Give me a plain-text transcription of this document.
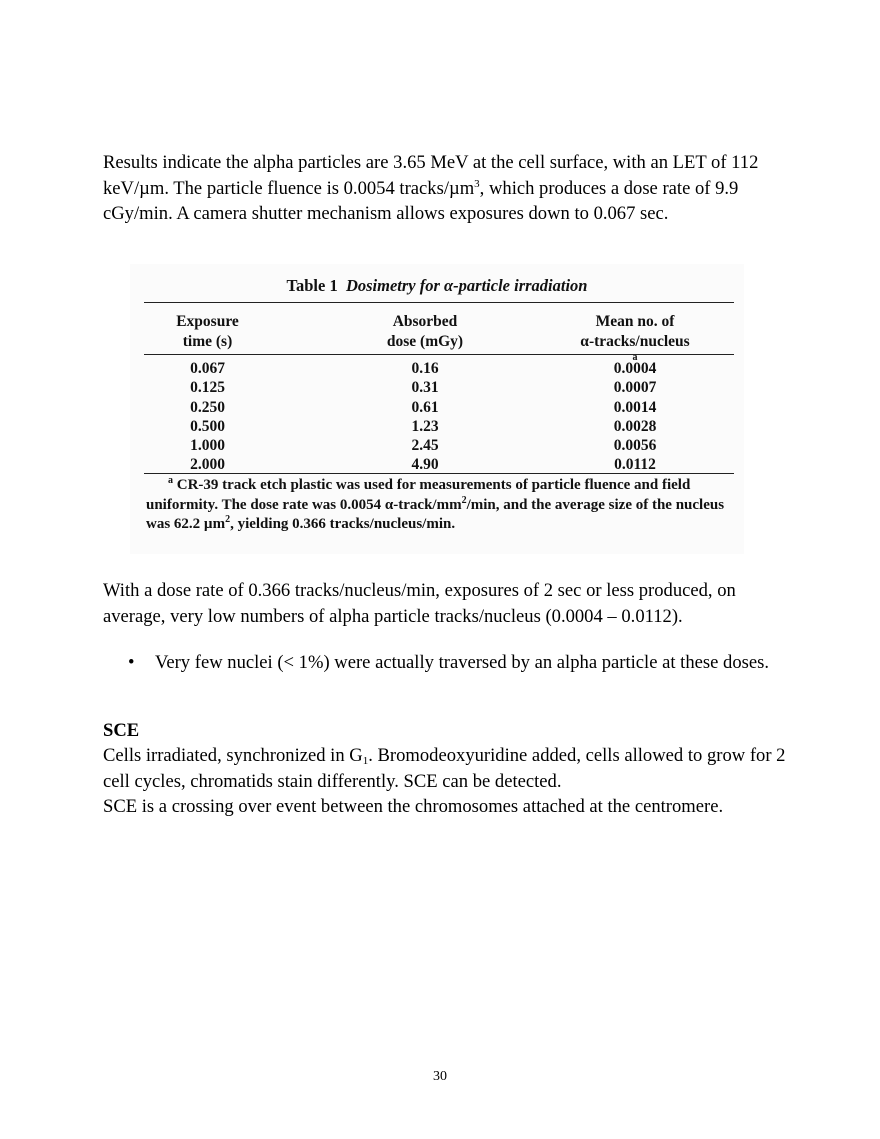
Results indicate the alpha particles are 3.65 MeV at the cell surface, with an LET of 112 keV/µm. The particle fluence is 0.0054 tracks/µm$^3$, which produces a dose rate of 9.9 cGy/min. A camera shutter mechanism allows exposures down to 0.067 sec.
Table 1 Dosimetry for α-particle irradiation
Exposure
time (s)
Absorbed
dose (mGy)
Mean no. of
α-tracks/nucleus
$^a$
0.067
0.125
0.250
0.500
1.000
2.000
0.16
0.31
0.61
1.23
2.45
4.90
0.0004
0.0007
0.0014
0.0028
0.0056
0.0112
$^a$ CR-39 track etch plastic was used for measurements of particle fluence and field uniformity. The dose rate was 0.0054 $\alpha-track/mm^2/\min$, and the average size of the nucleus was 62.2 µm$^2$, yielding 0.366 tracks/nucleus/min.
With a dose rate of 0.366 tracks/nucleus/min, exposures of 2 sec or less produced, on average, very low numbers of alpha particle tracks/nucleus (0.0004 – 0.0112).
•	Very few nuclei (< 1%) were actually traversed by an alpha particle at these doses.
SCE
Cells irradiated, synchronized in $G_1$. Bromodeoxyuridine added, cells allowed to grow for 2 cell cycles, chromatids stain differently. SCE can be detected.
SCE is a crossing over event between the chromosomes attached at the centromere.
30
